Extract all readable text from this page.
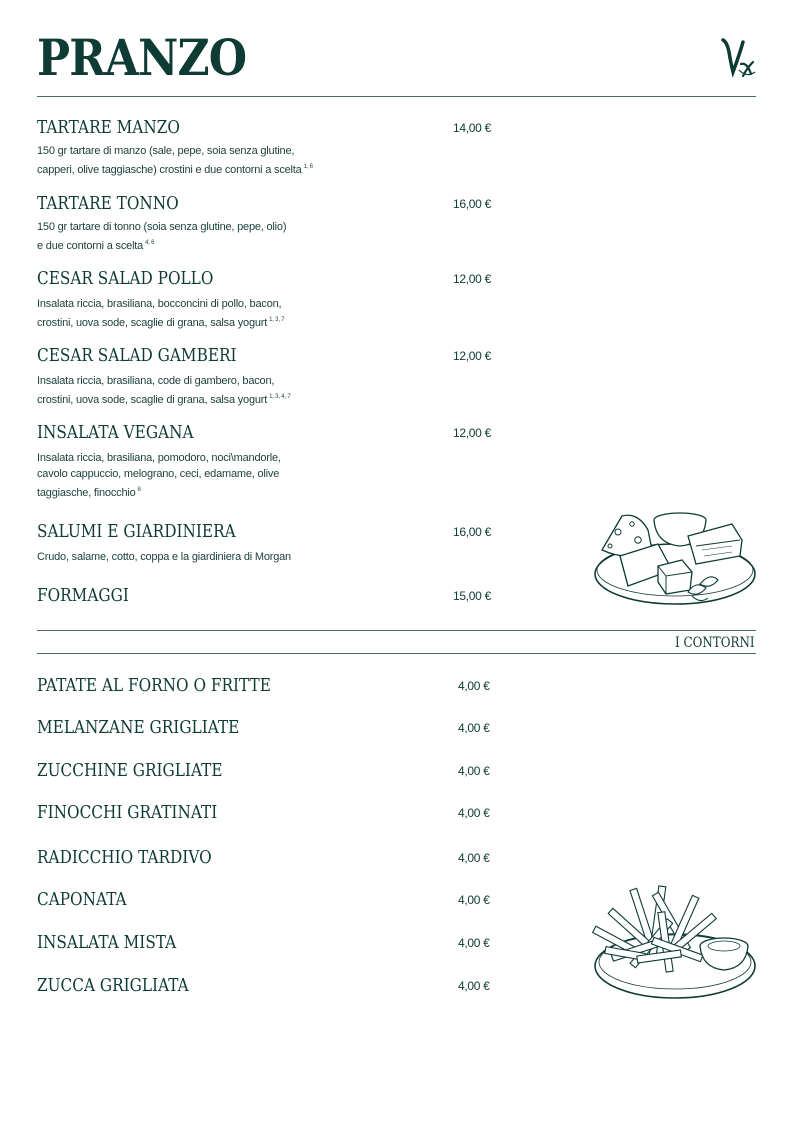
PRANZO
TARTARE MANZO
150 gr tartare di manzo (sale, pepe, soia senza glutine,
capperi, olive taggiasche) crostini e due contorni a scelta $^{1, 6}$
14,00 €
TARTARE TONNO
150 gr tartare di tonno (soia senza glutine, pepe, olio)
e due contorni a scelta $^{4, 6}$
16,00 €
CESAR SALAD POLLO
Insalata riccia, brasiliana, bocconcini di pollo, bacon,
crostini, uova sode, scaglie di grana, salsa yogurt $^{1, 3, 7}$
12,00 €
CESAR SALAD GAMBERI
Insalata riccia, brasiliana, code di gambero, bacon,
crostini, uova sode, scaglie di grana, salsa yogurt $^{1, 3, 4, 7}$
12,00 €
INSALATA VEGANA
Insalata riccia, brasiliana, pomodoro, noci\mandorle,
cavolo cappuccio, melograno, ceci, edamame, olive
taggiasche, finocchio $^8$
12,00 €
SALUMI E GIARDINIERA
Crudo, salame, cotto, coppa e la giardiniera di Morgan
16,00 €
FORMAGGI	15,00 €
I CONTORNI
PATATE AL FORNO O FRITTE	4,00 €
MELANZANE GRIGLIATE	4,00 €
ZUCCHINE GRIGLIATE	4,00 €
FINOCCHI GRATINATI	4,00 €
RADICCHIO TARDIVO	4,00 €
CAPONATA	4,00 €
INSALATA MISTA	4,00 €
ZUCCA GRIGLIATA	4,00 €
